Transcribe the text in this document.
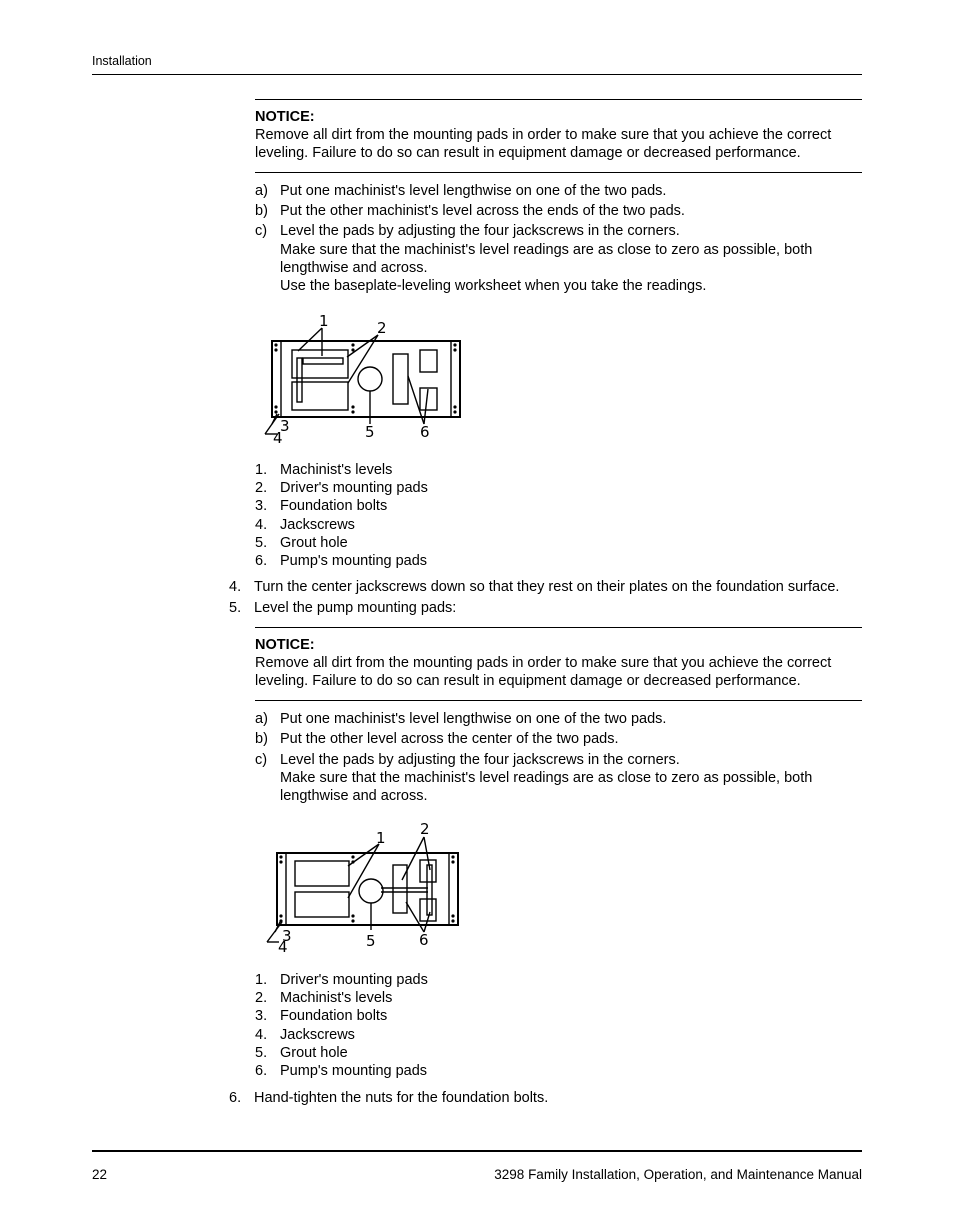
Installation
NOTICE:
Remove all dirt from the mounting pads in order to make sure that you achieve the correct
leveling. Failure to do so can result in equipment damage or decreased performance.
a) Put one machinist's level lengthwise on one of the two pads.
b) Put the other machinist's level across the ends of the two pads.
c) Level the pads by adjusting the four jackscrews in the corners.
Make sure that the machinist's level readings are as close to zero as possible, both
lengthwise and across.
Use the baseplate-leveling worksheet when you take the readings.
1	2
3
4	5	6
1. Machinist's levels
2. Driver's mounting pads
3. Foundation bolts
4. Jackscrews
5. Grout hole
6. Pump's mounting pads
4. Turn the center jackscrews down so that they rest on their plates on the foundation surface.
5. Level the pump mounting pads:
NOTICE:
Remove all dirt from the mounting pads in order to make sure that you achieve the correct
leveling. Failure to do so can result in equipment damage or decreased performance.
a) Put one machinist's level lengthwise on one of the two pads.
b) Put the other level across the center of the two pads.
c) Level the pads by adjusting the four jackscrews in the corners.
Make sure that the machinist's level readings are as close to zero as possible, both
lengthwise and across.
1 2
3
4	5	6
1. Driver's mounting pads
2. Machinist's levels
3. Foundation bolts
4. Jackscrews
5. Grout hole
6. Pump's mounting pads
6. Hand-tighten the nuts for the foundation bolts.
22	3298 Family Installation, Operation, and Maintenance Manual
